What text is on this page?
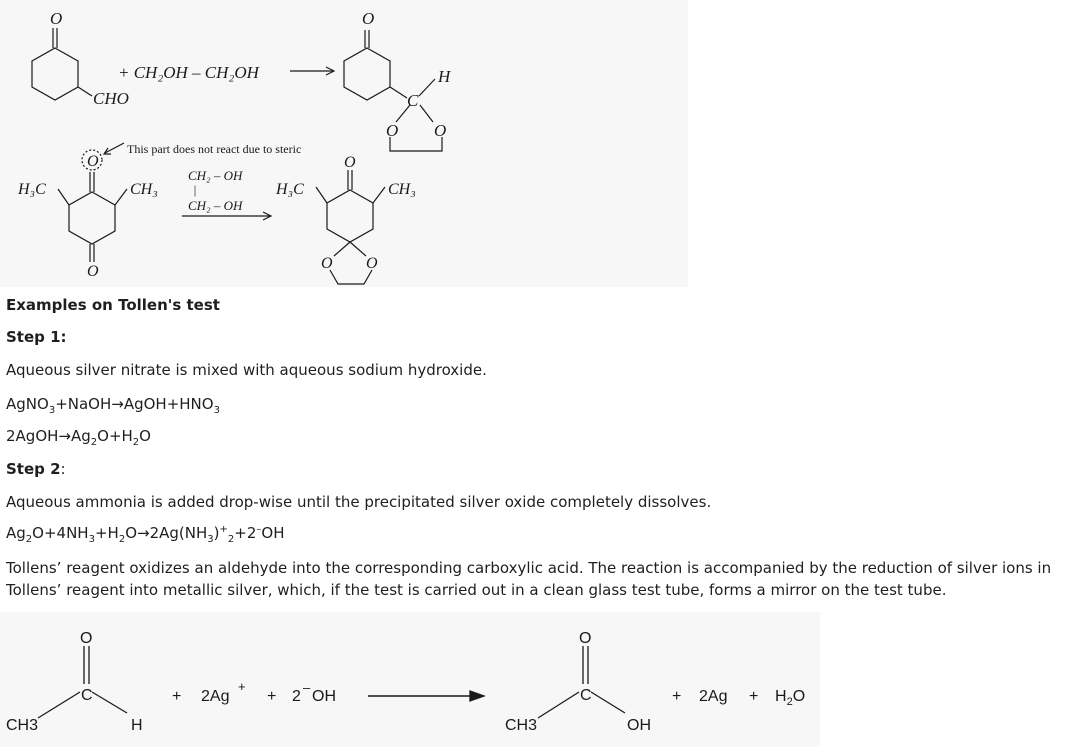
O
+ CH₂OH – CH₂OH
CHO
O
H
C
O O
This part does not react due to steric
O
H₃C	CH₃
O
O
H₃C	CH₃
O O
CH₂ – OH
|
CH₂ – OH
Examples on Tollen's test
Step 1:
Aqueous silver nitrate is mixed with aqueous sodium hydroxide.
$AgNO_3+NaOH\to AgOH+HNO_3$
$2AgOH\to Ag_2O+H_2O$
Step 2:
Aqueous ammonia is added drop-wise until the precipitated silver oxide completely dissolves.
$Ag_2O+4NH_3+H_2O\to 2Ag(NH_3)^+_2+2^-OH$
Tollens’ reagent oxidizes an aldehyde into the corresponding carboxylic acid. The reaction is accompanied by the reduction of silver ions in Tollens’ reagent into metallic silver, which, if the test is carried out in a clean glass test tube, forms a mirror on the test tube.
O
C
CH3	H
+ 2Ag
+
+ 2
–
OH
O
C
CH3	OH
+ $2Ag + H_2O$
